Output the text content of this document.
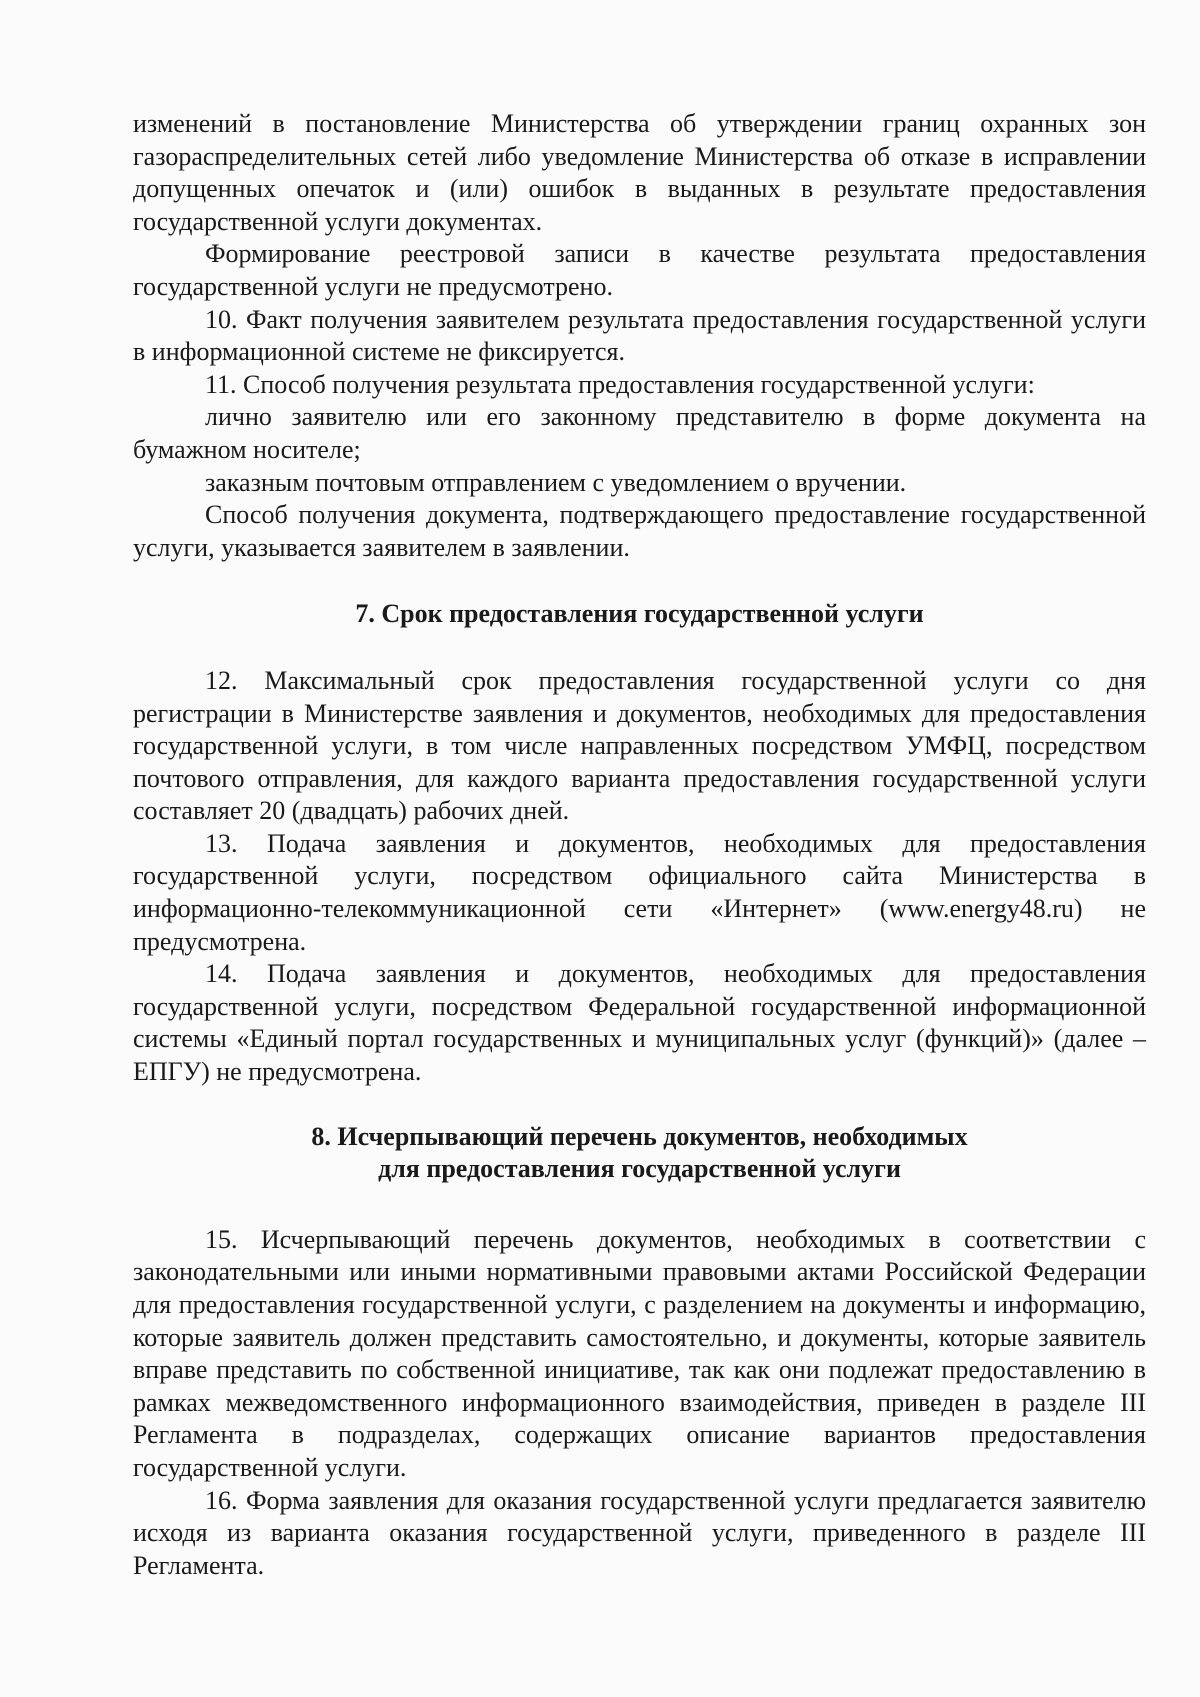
изменений в постановление Министерства об утверждении границ охранных зон газораспределительных сетей либо уведомление Министерства об отказе в исправлении допущенных опечаток и (или) ошибок в выданных в результате предоставления государственной услуги документах.

Формирование реестровой записи в качестве результата предоставления государственной услуги не предусмотрено.

10. Факт получения заявителем результата предоставления государственной услуги в информационной системе не фиксируется.

11. Способ получения результата предоставления государственной услуги:

лично заявителю или его законному представителю в форме документа на бумажном носителе;

заказным почтовым отправлением с уведомлением о вручении.

Способ получения документа, подтверждающего предоставление государственной услуги, указывается заявителем в заявлении.

7. Срок предоставления государственной услуги

12. Максимальный срок предоставления государственной услуги со дня регистрации в Министерстве заявления и документов, необходимых для предоставления государственной услуги, в том числе направленных посредством УМФЦ, посредством почтового отправления, для каждого варианта предоставления государственной услуги составляет 20 (двадцать) рабочих дней.

13. Подача заявления и документов, необходимых для предоставления государственной услуги, посредством официального сайта Министерства в информационно-телекоммуникационной сети «Интернет» (www.energy48.ru) не предусмотрена.

14. Подача заявления и документов, необходимых для предоставления государственной услуги, посредством Федеральной государственной информационной системы «Единый портал государственных и муниципальных услуг (функций)» (далее – ЕПГУ) не предусмотрена.

8. Исчерпывающий перечень документов, необходимых
для предоставления государственной услуги

15. Исчерпывающий перечень документов, необходимых в соответствии с законодательными или иными нормативными правовыми актами Российской Федерации для предоставления государственной услуги, с разделением на документы и информацию, которые заявитель должен представить самостоятельно, и документы, которые заявитель вправе представить по собственной инициативе, так как они подлежат предоставлению в рамках межведомственного информационного взаимодействия, приведен в разделе III Регламента в подразделах, содержащих описание вариантов предоставления государственной услуги.

16. Форма заявления для оказания государственной услуги предлагается заявителю исходя из варианта оказания государственной услуги, приведенного в разделе III Регламента.
